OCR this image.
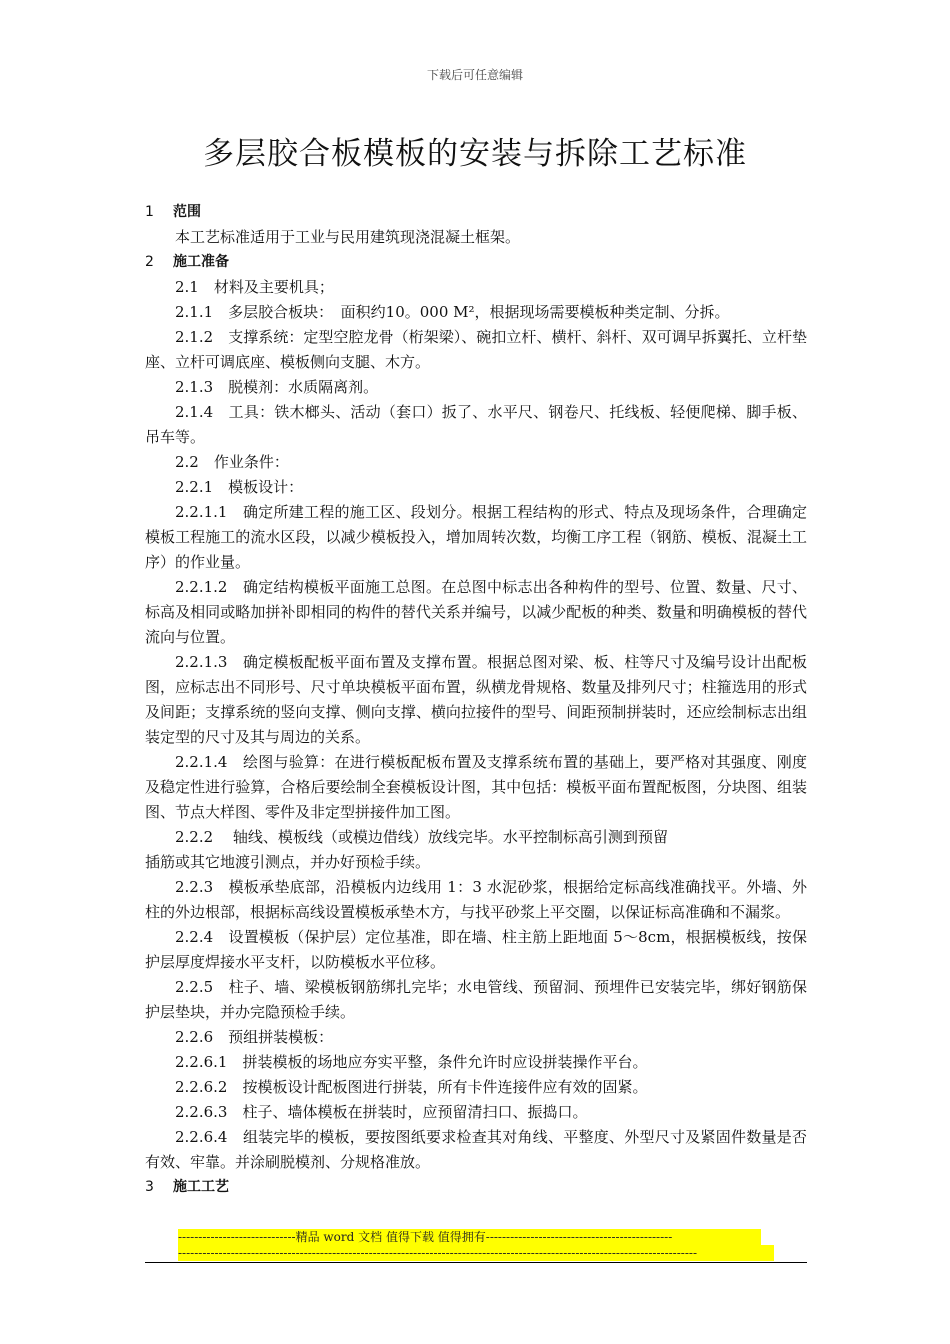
下载后可任意编辑
多层胶合板模板的安装与拆除工艺标准

1 范围

本工艺标准适用于工业与民用建筑现浇混凝土框架。

2 施工准备

2.1　材料及主要机具；

2.1.1　多层胶合板块：　面积约10。000 M²，根据现场需要模板种类定制、分拆。

2.1.2　支撑系统：定型空腔龙骨（桁架梁）、碗扣立杆、横杆、斜杆、双可调早拆翼托、立杆垫座、立杆可调底座、模板侧向支腿、木方。

2.1.3　脱模剂：水质隔离剂。

2.1.4　工具：铁木榔头、活动（套口）扳了、水平尺、钢卷尺、托线板、轻便爬梯、脚手板、吊车等。

2.2　作业条件：

2.2.1　模板设计：

2.2.1.1　确定所建工程的施工区、段划分。根据工程结构的形式、特点及现场条件，合理确定模板工程施工的流水区段，以减少模板投入，增加周转次数，均衡工序工程（钢筋、模板、混凝土工序）的作业量。

2.2.1.2　确定结构模板平面施工总图。在总图中标志出各种构件的型号、位置、数量、尺寸、标高及相同或略加拼补即相同的构件的替代关系并编号，以减少配板的种类、数量和明确模板的替代流向与位置。

2.2.1.3　确定模板配板平面布置及支撑布置。根据总图对梁、板、柱等尺寸及编号设计出配板图，应标志出不同形号、尺寸单块模板平面布置，纵横龙骨规格、数量及排列尺寸；柱箍选用的形式及间距；支撑系统的竖向支撑、侧向支撑、横向拉接件的型号、间距预制拼装时，还应绘制标志出组装定型的尺寸及其与周边的关系。

2.2.1.4　绘图与验算：在进行模板配板布置及支撑系统布置的基础上，要严格对其强度、刚度及稳定性进行验算，合格后要绘制全套模板设计图，其中包括：模板平面布置配板图，分块图、组装图、节点大样图、零件及非定型拼接件加工图。

2.2.2　 轴线、模板线（或模边借线）放线完毕。水平控制标高引测到预留

插筋或其它地渡引测点，并办好预检手续。

2.2.3　模板承垫底部，沿模板内边线用 1：3 水泥砂浆，根据给定标高线准确找平。外墙、外柱的外边根部，根据标高线设置模板承垫木方，与找平砂浆上平交圈，以保证标高准确和不漏浆。

2.2.4　设置模板（保护层）定位基准，即在墙、柱主筋上距地面 5～8cm，根据模板线，按保护层厚度焊接水平支杆，以防模板水平位移。

2.2.5　柱子、墙、梁模板钢筋绑扎完毕；水电管线、预留洞、预埋件已安装完毕，绑好钢筋保护层垫块，并办完隐预检手续。

2.2.6　预组拼装模板：

2.2.6.1　拼装模板的场地应夯实平整，条件允许时应设拼装操作平台。

2.2.6.2　按模板设计配板图进行拼装，所有卡件连接件应有效的固紧。

2.2.6.3　柱子、墙体模板在拼装时，应预留清扫口、振捣口。

2.2.6.4　组装完毕的模板，要按图纸要求检查其对角线、平整度、外型尺寸及紧固件数量是否有效、牢靠。并涂刷脱模剂、分规格准放。

3 施工工艺

-----------------------------精品 word 文档 值得下载 值得拥有----------------------------------------------
--------------------------------------------------------------------------------------------------------------------------------
